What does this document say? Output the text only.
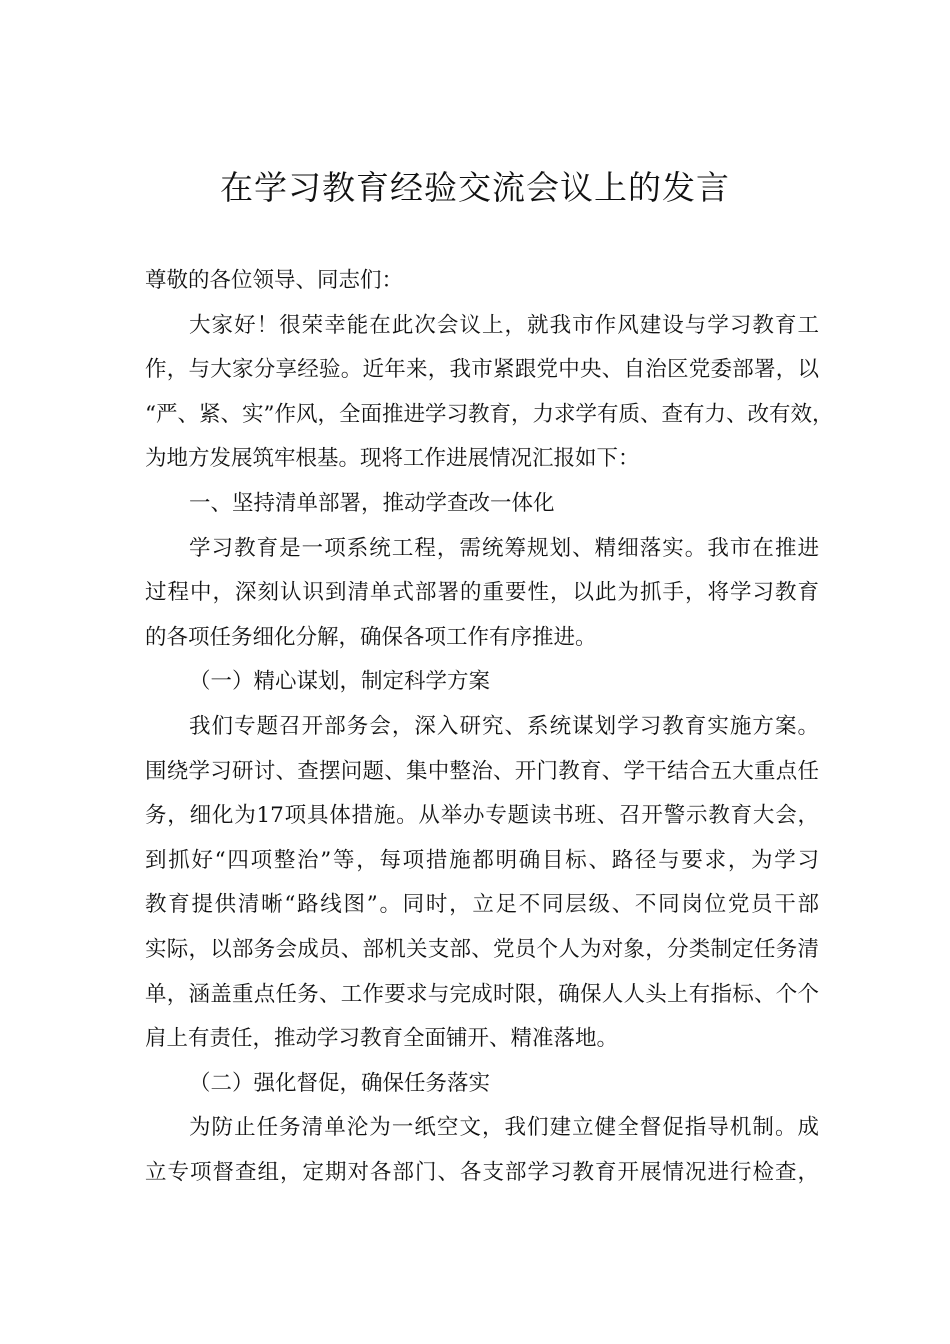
在学习教育经验交流会议上的发言
尊敬的各位领导、同志们：
大家好！很荣幸能在此次会议上，就我市作风建设与学习教育工
作，与大家分享经验。近年来，我市紧跟党中央、自治区党委部署，以
“严、紧、实”作风，全面推进学习教育，力求学有质、查有力、改有效，
为地方发展筑牢根基。现将工作进展情况汇报如下：
一、坚持清单部署，推动学查改一体化
学习教育是一项系统工程，需统筹规划、精细落实。我市在推进
过程中，深刻认识到清单式部署的重要性，以此为抓手，将学习教育
的各项任务细化分解，确保各项工作有序推进。
（一）精心谋划，制定科学方案
我们专题召开部务会，深入研究、系统谋划学习教育实施方案。
围绕学习研讨、查摆问题、集中整治、开门教育、学干结合五大重点任
务，细化为17项具体措施。从举办专题读书班、召开警示教育大会，
到抓好“四项整治”等，每项措施都明确目标、路径与要求，为学习
教育提供清晰“路线图”。同时，立足不同层级、不同岗位党员干部
实际，以部务会成员、部机关支部、党员个人为对象，分类制定任务清
单，涵盖重点任务、工作要求与完成时限，确保人人头上有指标、个个
肩上有责任，推动学习教育全面铺开、精准落地。
（二）强化督促，确保任务落实
为防止任务清单沦为一纸空文，我们建立健全督促指导机制。成
立专项督查组，定期对各部门、各支部学习教育开展情况进行检查，
